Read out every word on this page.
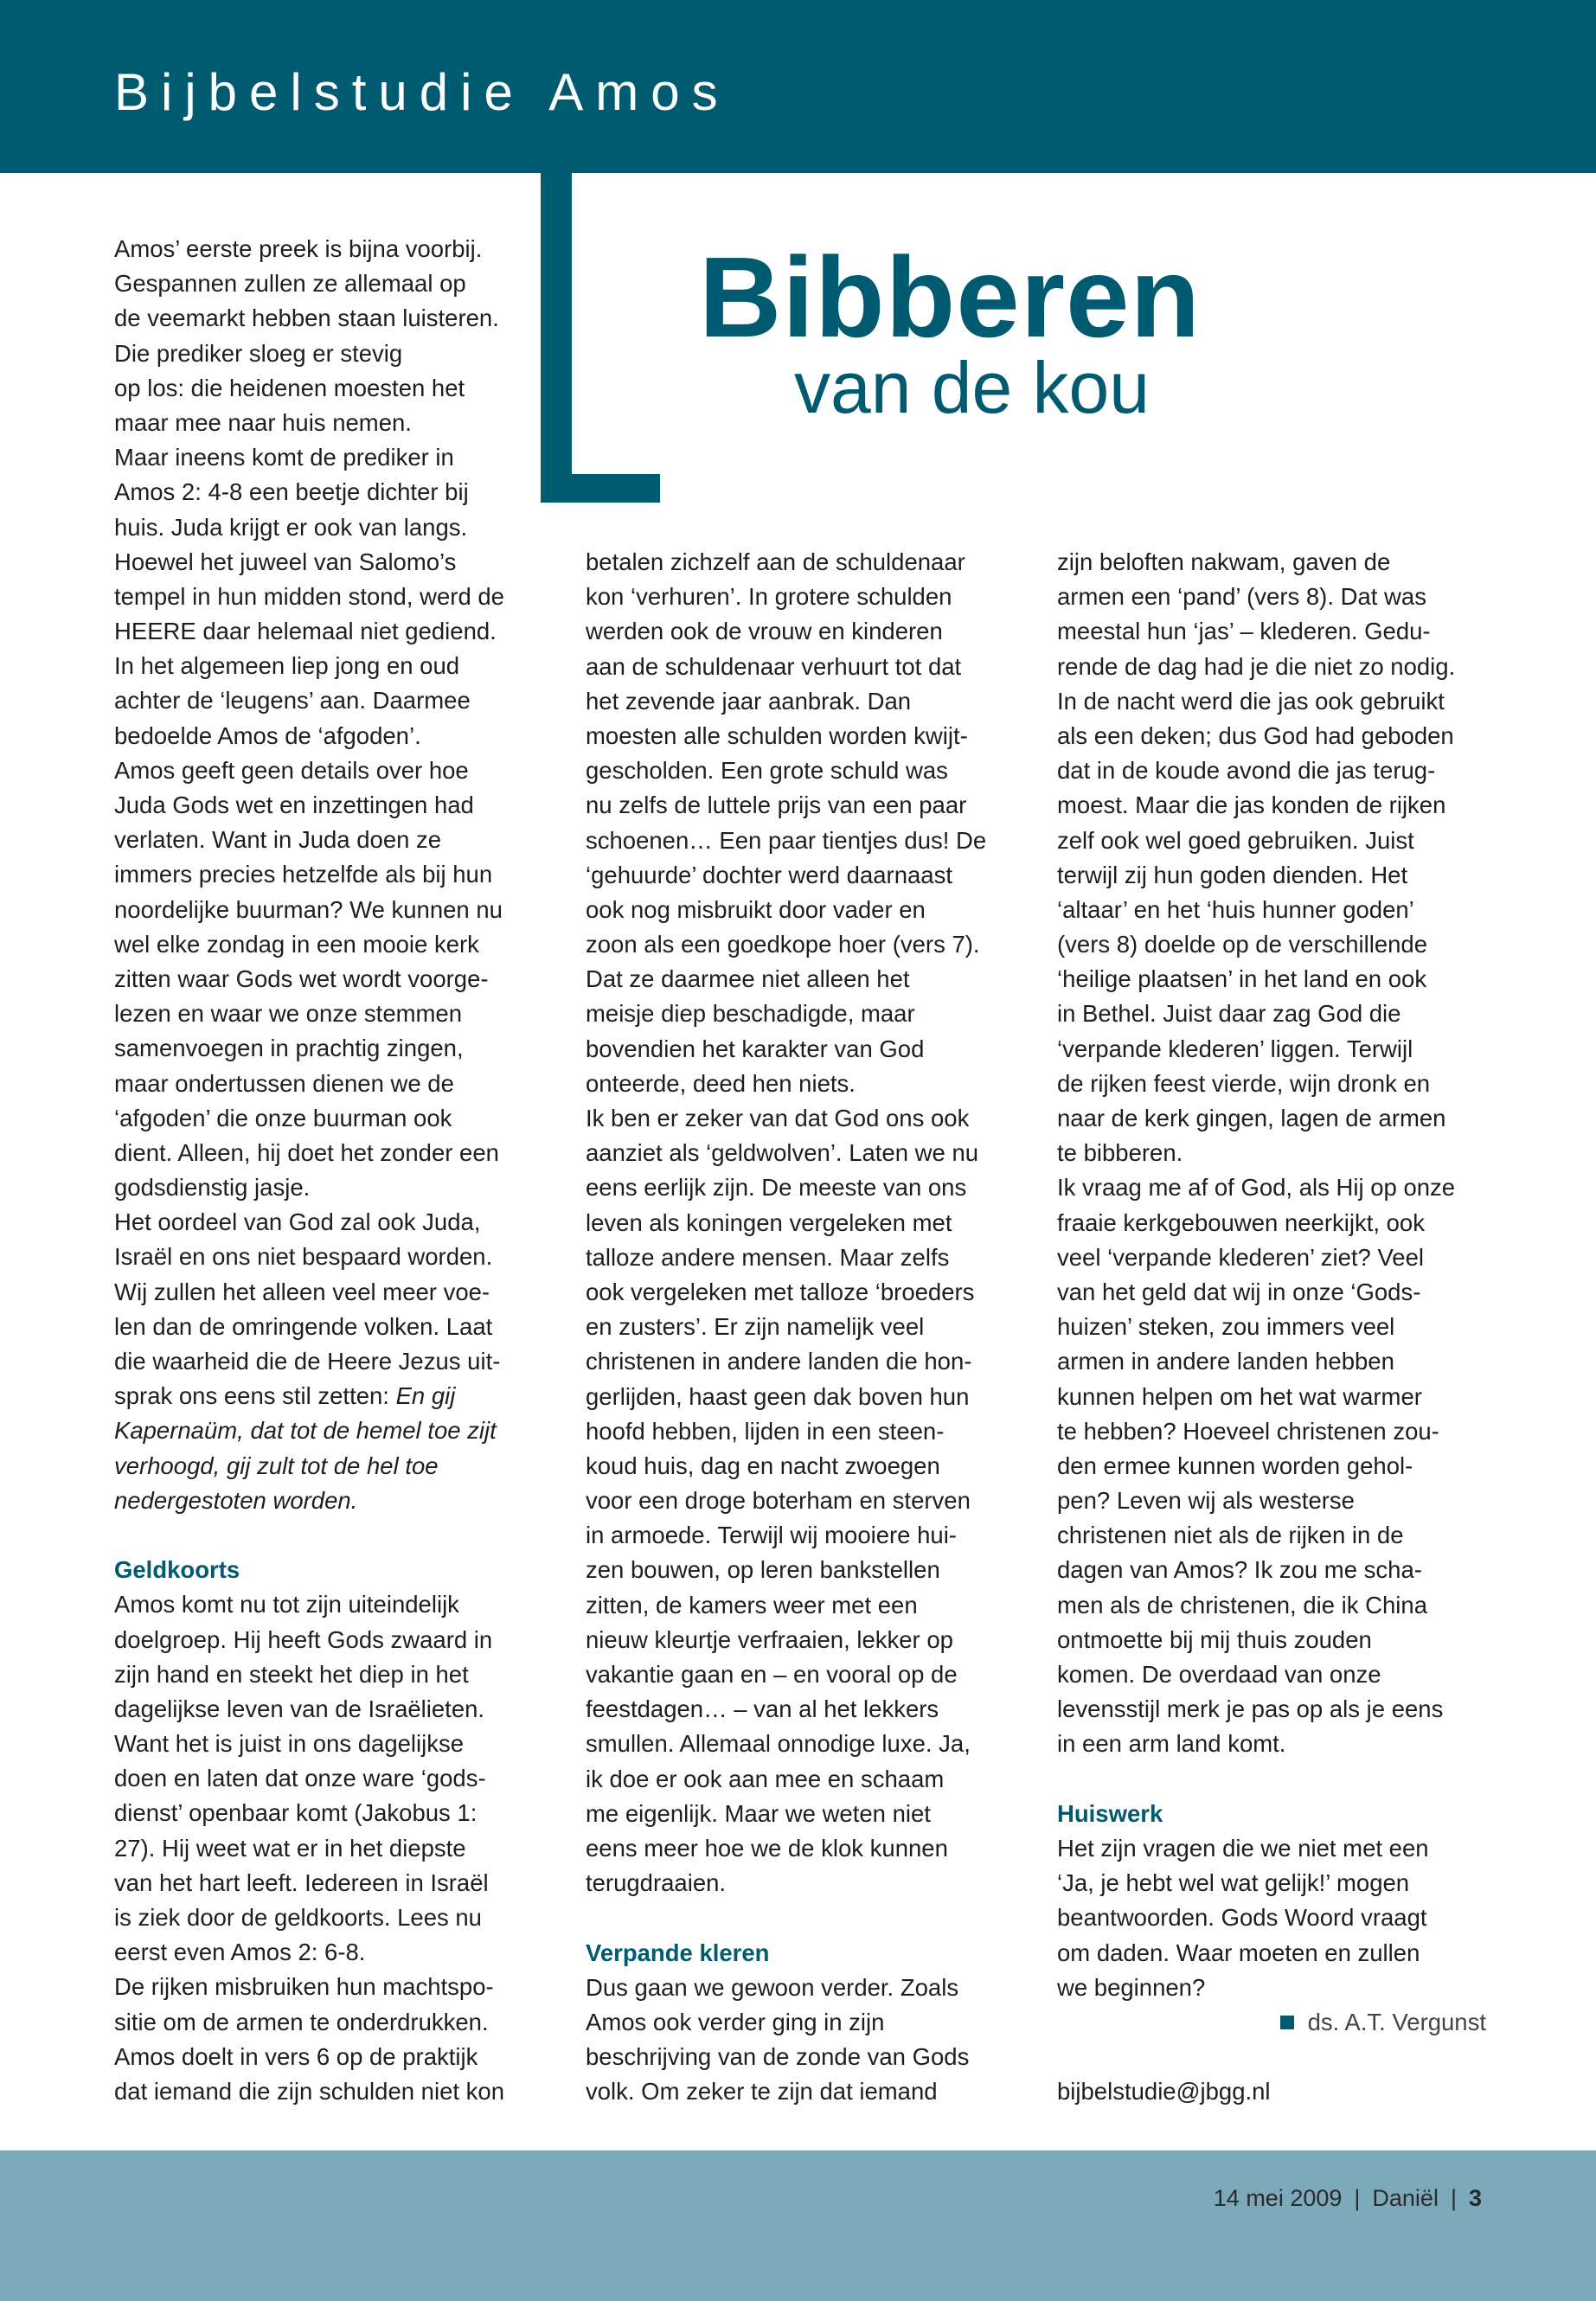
Bijbelstudie Amos
Bibberen
van de kou
Amos’ eerste preek is bijna voorbij.
Gespannen zullen ze allemaal op
de veemarkt hebben staan luisteren.
Die prediker sloeg er stevig
op los: die heidenen moesten het
maar mee naar huis nemen.
Maar ineens komt de prediker in
Amos 2: 4-8 een beetje dichter bij
huis. Juda krijgt er ook van langs.
Hoewel het juweel van Salomo’s
tempel in hun midden stond, werd de
HEERE daar helemaal niet gediend.
In het algemeen liep jong en oud
achter de ‘leugens’ aan. Daarmee
bedoelde Amos de ‘afgoden’.
Amos geeft geen details over hoe
Juda Gods wet en inzettingen had
verlaten. Want in Juda doen ze
immers precies hetzelfde als bij hun
noordelijke buurman? We kunnen nu
wel elke zondag in een mooie kerk
zitten waar Gods wet wordt voorge-
lezen en waar we onze stemmen
samenvoegen in prachtig zingen,
maar ondertussen dienen we de
‘afgoden’ die onze buurman ook
dient. Alleen, hij doet het zonder een
godsdienstig jasje.
Het oordeel van God zal ook Juda,
Israël en ons niet bespaard worden.
Wij zullen het alleen veel meer voe-
len dan de omringende volken. Laat
die waarheid die de Heere Jezus uit-
sprak ons eens stil zetten: En gij
Kapernaüm, dat tot de hemel toe zijt
verhoogd, gij zult tot de hel toe
nedergestoten worden.
Geldkoorts
Amos komt nu tot zijn uiteindelijk
doelgroep. Hij heeft Gods zwaard in
zijn hand en steekt het diep in het
dagelijkse leven van de Israëlieten.
Want het is juist in ons dagelijkse
doen en laten dat onze ware ‘gods-
dienst’ openbaar komt (Jakobus 1:
27). Hij weet wat er in het diepste
van het hart leeft. Iedereen in Israël
is ziek door de geldkoorts. Lees nu
eerst even Amos 2: 6-8.
De rijken misbruiken hun machtspo-
sitie om de armen te onderdrukken.
Amos doelt in vers 6 op de praktijk
dat iemand die zijn schulden niet kon
betalen zichzelf aan de schuldenaar
kon ‘verhuren’. In grotere schulden
werden ook de vrouw en kinderen
aan de schuldenaar verhuurt tot dat
het zevende jaar aanbrak. Dan
moesten alle schulden worden kwijt-
gescholden. Een grote schuld was
nu zelfs de luttele prijs van een paar
schoenen… Een paar tientjes dus! De
‘gehuurde’ dochter werd daarnaast
ook nog misbruikt door vader en
zoon als een goedkope hoer (vers 7).
Dat ze daarmee niet alleen het
meisje diep beschadigde, maar
bovendien het karakter van God
onteerde, deed hen niets.
Ik ben er zeker van dat God ons ook
aanziet als ‘geldwolven’. Laten we nu
eens eerlijk zijn. De meeste van ons
leven als koningen vergeleken met
talloze andere mensen. Maar zelfs
ook vergeleken met talloze ‘broeders
en zusters’. Er zijn namelijk veel
christenen in andere landen die hon-
gerlijden, haast geen dak boven hun
hoofd hebben, lijden in een steen-
koud huis, dag en nacht zwoegen
voor een droge boterham en sterven
in armoede. Terwijl wij mooiere hui-
zen bouwen, op leren bankstellen
zitten, de kamers weer met een
nieuw kleurtje verfraaien, lekker op
vakantie gaan en – en vooral op de
feestdagen… – van al het lekkers
smullen. Allemaal onnodige luxe. Ja,
ik doe er ook aan mee en schaam
me eigenlijk. Maar we weten niet
eens meer hoe we de klok kunnen
terugdraaien.
Verpande kleren
Dus gaan we gewoon verder. Zoals
Amos ook verder ging in zijn
beschrijving van de zonde van Gods
volk. Om zeker te zijn dat iemand
zijn beloften nakwam, gaven de
armen een ‘pand’ (vers 8). Dat was
meestal hun ‘jas’ – klederen. Gedu-
rende de dag had je die niet zo nodig.
In de nacht werd die jas ook gebruikt
als een deken; dus God had geboden
dat in de koude avond die jas terug-
moest. Maar die jas konden de rijken
zelf ook wel goed gebruiken. Juist
terwijl zij hun goden dienden. Het
‘altaar’ en het ‘huis hunner goden’
(vers 8) doelde op de verschillende
‘heilige plaatsen’ in het land en ook
in Bethel. Juist daar zag God die
‘verpande klederen’ liggen. Terwijl
de rijken feest vierde, wijn dronk en
naar de kerk gingen, lagen de armen
te bibberen.
Ik vraag me af of God, als Hij op onze
fraaie kerkgebouwen neerkijkt, ook
veel ‘verpande klederen’ ziet? Veel
van het geld dat wij in onze ‘Gods-
huizen’ steken, zou immers veel
armen in andere landen hebben
kunnen helpen om het wat warmer
te hebben? Hoeveel christenen zou-
den ermee kunnen worden gehol-
pen? Leven wij als westerse
christenen niet als de rijken in de
dagen van Amos? Ik zou me scha-
men als de christenen, die ik China
ontmoette bij mij thuis zouden
komen. De overdaad van onze
levensstijl merk je pas op als je eens
in een arm land komt.
Huiswerk
Het zijn vragen die we niet met een
‘Ja, je hebt wel wat gelijk!’ mogen
beantwoorden. Gods Woord vraagt
om daden. Waar moeten en zullen
we beginnen?
ds. A.T. Vergunst
bijbelstudie@jbgg.nl
14 mei 2009 | Daniël | 3
